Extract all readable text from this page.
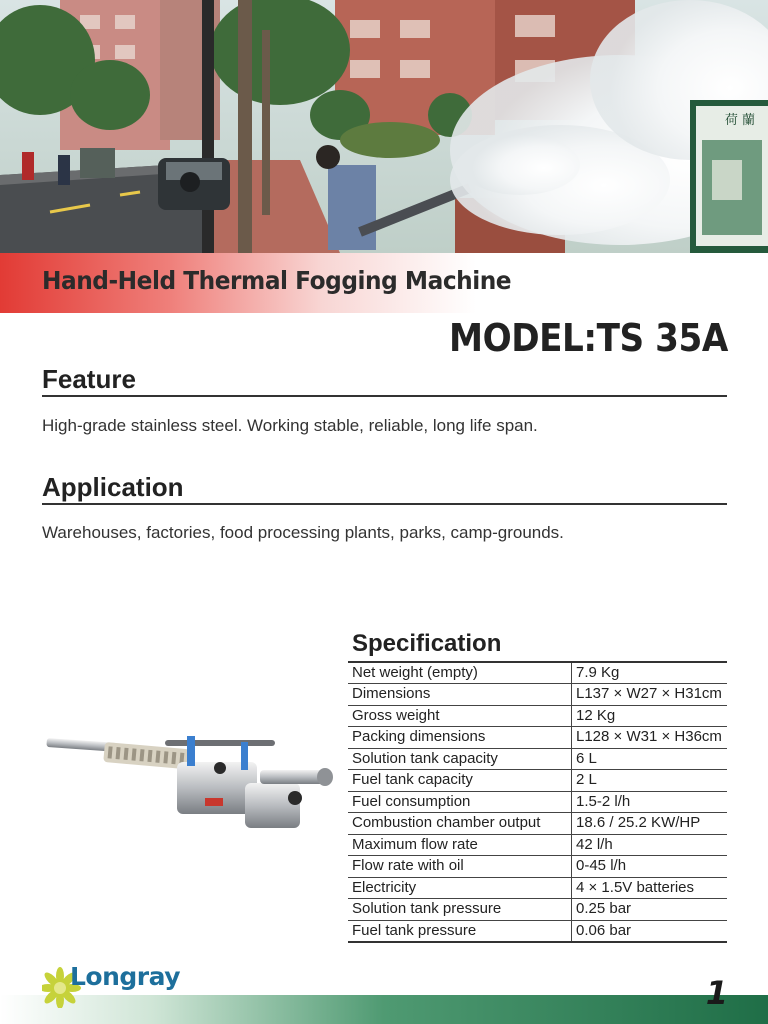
荷 蘭
Hand-Held Thermal Fogging Machine
MODEL:TS 35A
Feature
High-grade stainless steel. Working stable, reliable, long life span.
Application
Warehouses, factories, food processing plants, parks, camp-grounds.
Specification
Net weight (empty)	7.9 Kg
Dimensions	L137 × W27 × H31cm
Gross weight	12 Kg
Packing dimensions	L128 × W31 × H36cm
Solution tank capacity	6 L
Fuel tank capacity	2 L
Fuel consumption	1.5-2 l/h
Combustion chamber output	18.6 / 25.2 KW/HP
Maximum flow rate	42 l/h
Flow rate with oil	0-45 l/h
Electricity	4 × 1.5V batteries
Solution tank pressure	0.25 bar
Fuel tank pressure	0.06 bar
Longray	1
